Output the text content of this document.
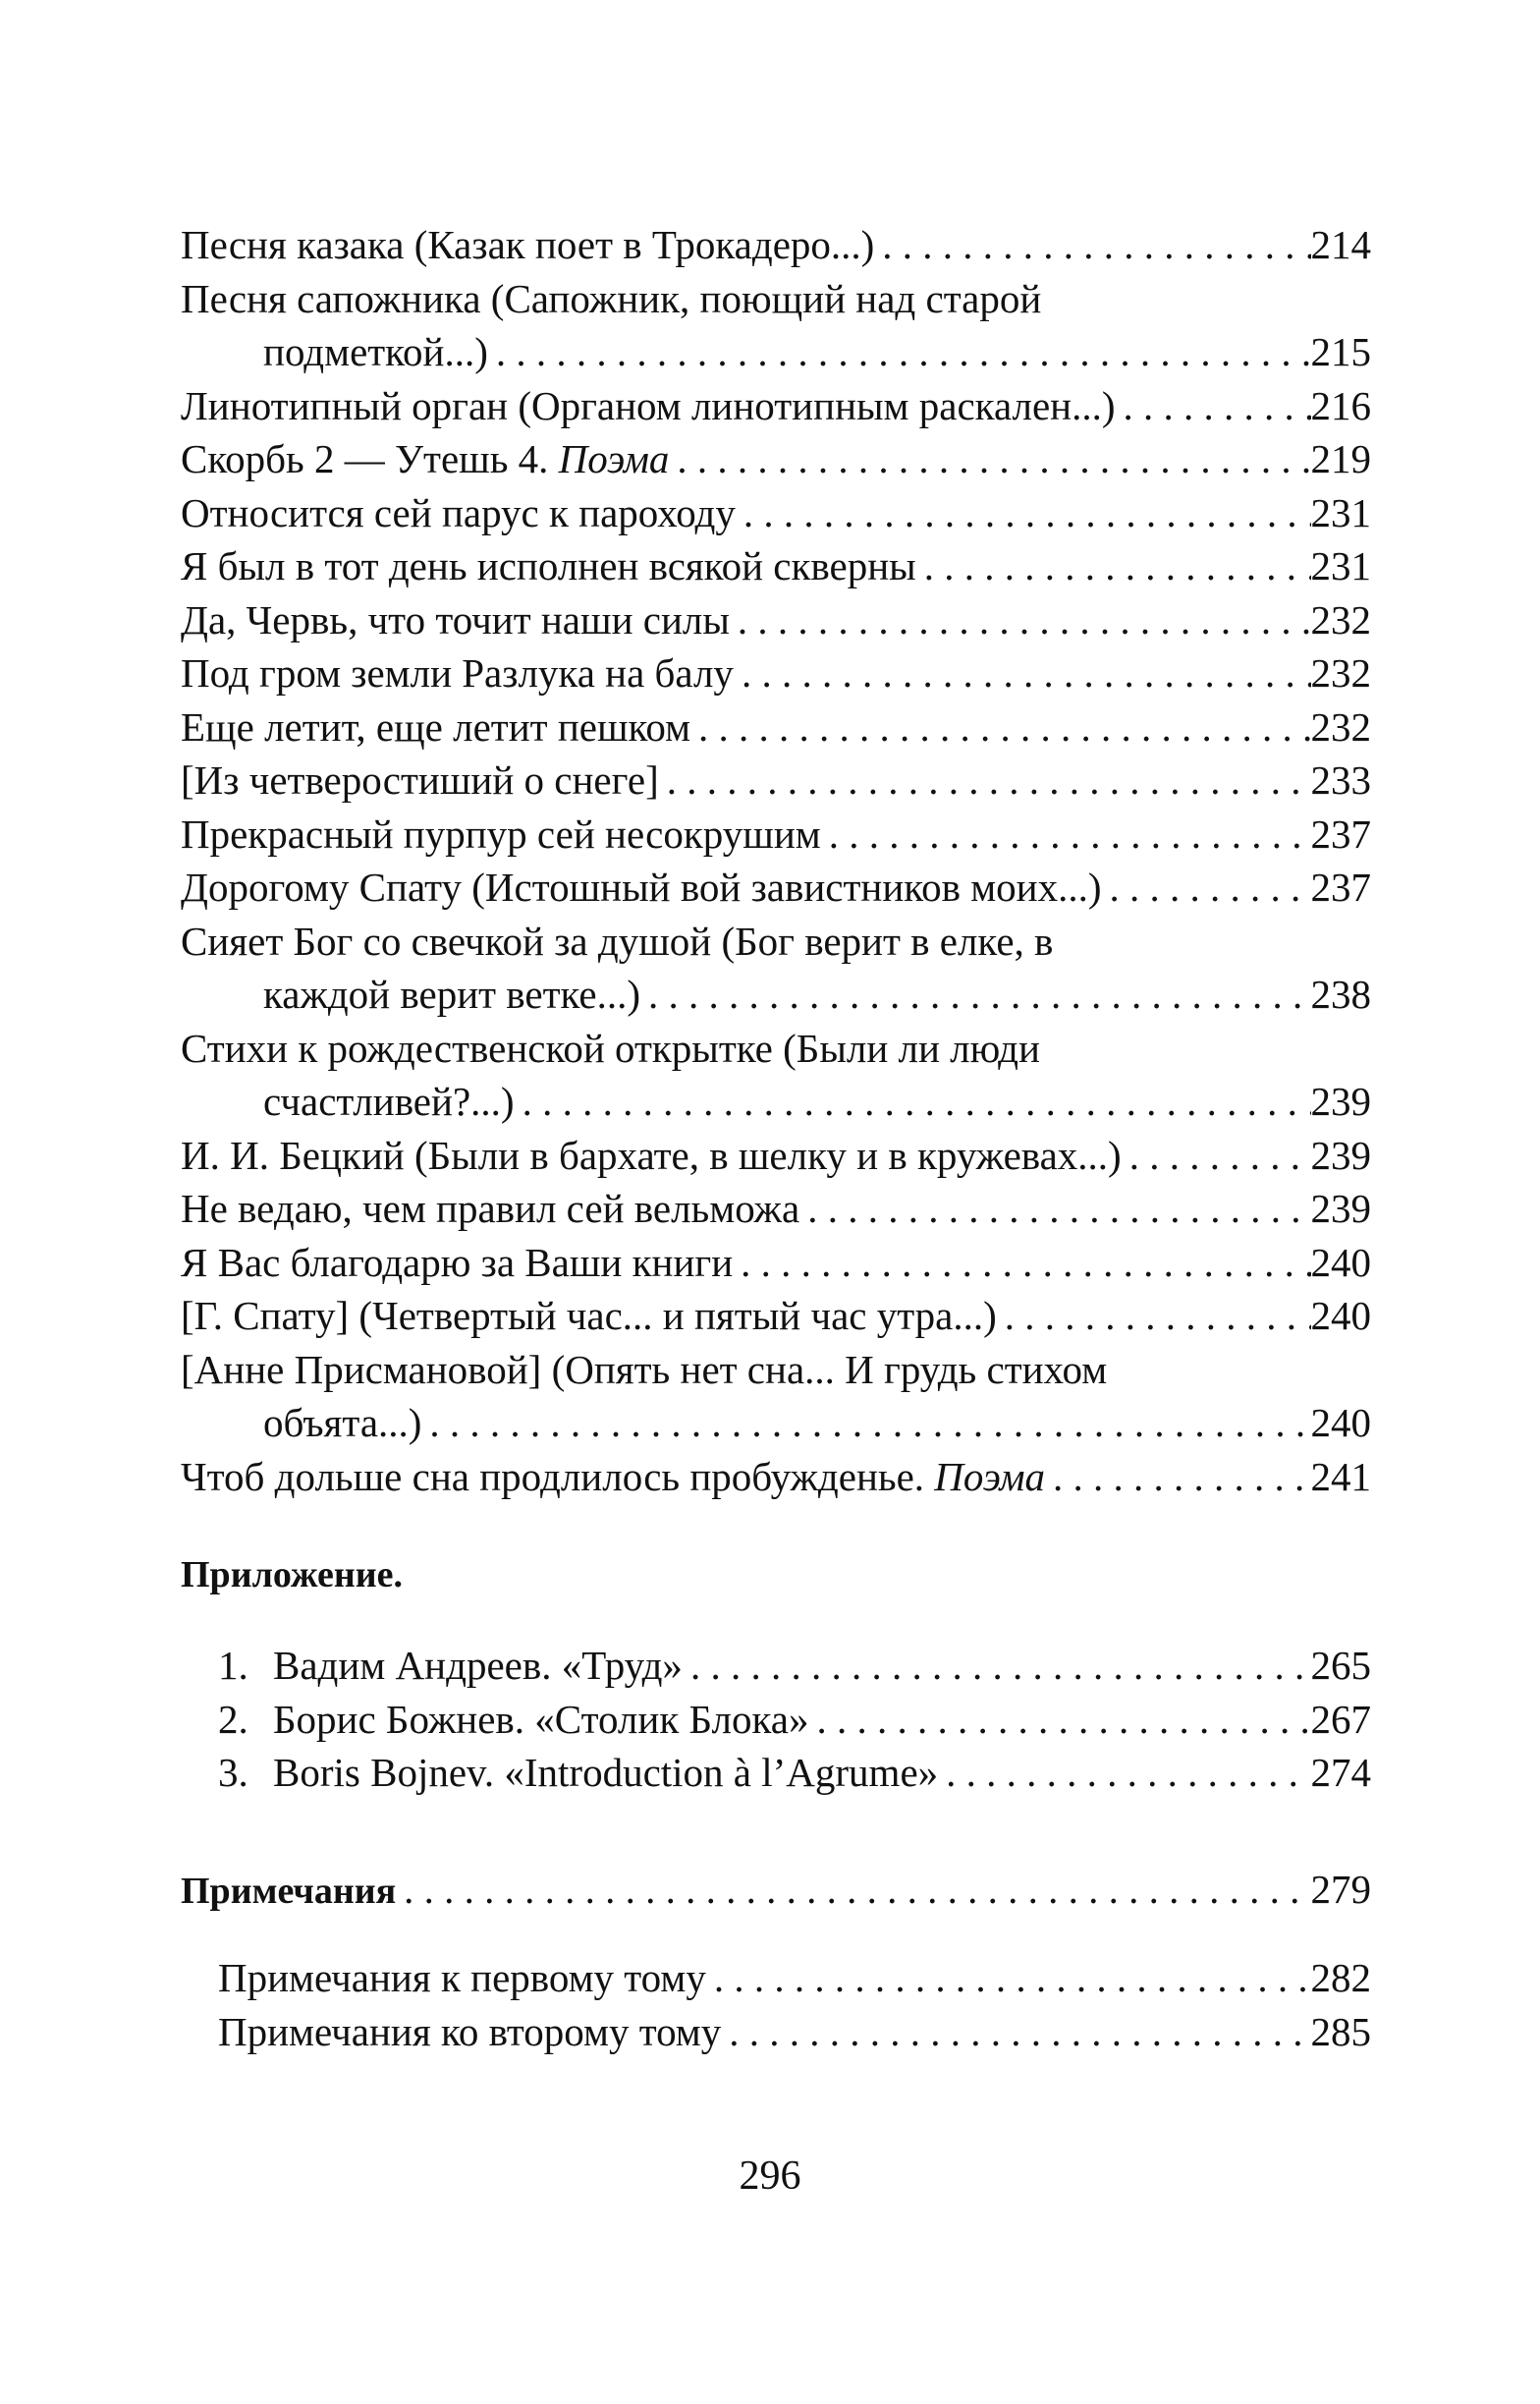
Песня казака (Казак поет в Трокадеро...) . . .	214
Песня сапожника (Сапожник, поющий над старой
подметкой...) . . .	215
Линотипный орган (Органом линотипным раскален...) . . .	216
Скорбь 2 — Утешь 4. Поэма . . .	219
Относится сей парус к пароходу . . .	231
Я был в тот день исполнен всякой скверны . . .	231
Да, Червь, что точит наши силы . . .	232
Под гром земли Разлука на балу . . .	232
Еще летит, еще летит пешком . . .	232
[Из четверостиший о снеге] . . .	233
Прекрасный пурпур сей несокрушим . . .	237
Дорогому Спату (Истошный вой завистников моих...) . . .	237
Сияет Бог со свечкой за душой (Бог верит в елке, в
каждой верит ветке...) . . .	238
Стихи к рождественской открытке (Были ли люди
счастливей?...) . . .	239
И. И. Бецкий (Были в бархате, в шелку и в кружевах...) . . .	239
Не ведаю, чем правил сей вельможа . . .	239
Я Вас благодарю за Ваши книги . . .	240
[Г. Спату] (Четвертый час... и пятый час утра...) . . .	240
[Анне Присмановой] (Опять нет сна... И грудь стихом
объята...) . . .	240
Чтоб дольше сна продлилось пробужденье. Поэма . . .	241
Приложение.
1. Вадим Андреев. «Труд» . . .	265
2. Борис Божнев. «Столик Блока» . . .	267
3. Boris Bojnev. «Introduction à l’Agrume» . . .	274
Примечания . . .	279
Примечания к первому тому . . .	282
Примечания ко второму тому . . .	285
296
